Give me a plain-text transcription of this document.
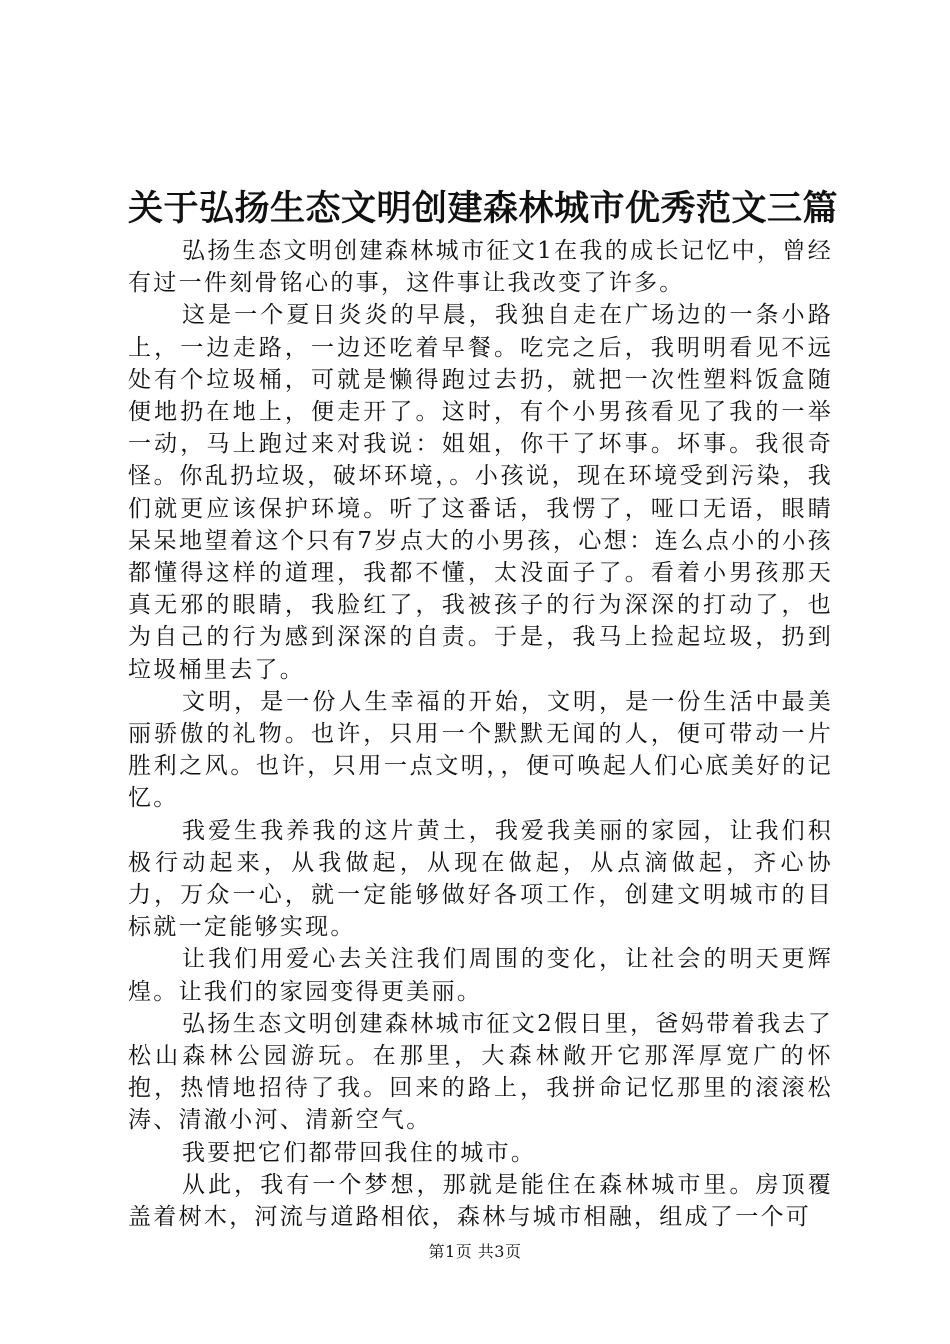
关于弘扬生态文明创建森林城市优秀范文三篇

弘扬生态文明创建森林城市征文1在我的成长记忆中，曾经有过一件刻骨铭心的事，这件事让我改变了许多。

这是一个夏日炎炎的早晨，我独自走在广场边的一条小路上，一边走路，一边还吃着早餐。吃完之后，我明明看见不远处有个垃圾桶，可就是懒得跑过去扔，就把一次性塑料饭盒随便地扔在地上，便走开了。这时，有个小男孩看见了我的一举一动，马上跑过来对我说：姐姐，你干了坏事。坏事。我很奇怪。你乱扔垃圾，破坏环境，。小孩说，现在环境受到污染，我们就更应该保护环境。听了这番话，我愣了，哑口无语，眼睛呆呆地望着这个只有7岁点大的小男孩，心想：连么点小的小孩都懂得这样的道理，我都不懂，太没面子了。看着小男孩那天真无邪的眼睛，我脸红了，我被孩子的行为深深的打动了，也为自己的行为感到深深的自责。于是，我马上捡起垃圾，扔到垃圾桶里去了。

文明，是一份人生幸福的开始，文明，是一份生活中最美丽骄傲的礼物。也许，只用一个默默无闻的人，便可带动一片胜利之风。也许，只用一点文明，，便可唤起人们心底美好的记忆。

我爱生我养我的这片黄土，我爱我美丽的家园，让我们积极行动起来，从我做起，从现在做起，从点滴做起，齐心协力，万众一心，就一定能够做好各项工作，创建文明城市的目标就一定能够实现。

让我们用爱心去关注我们周围的变化，让社会的明天更辉煌。让我们的家园变得更美丽。

弘扬生态文明创建森林城市征文2假日里，爸妈带着我去了松山森林公园游玩。在那里，大森林敞开它那浑厚宽广的怀抱，热情地招待了我。回来的路上，我拼命记忆那里的滚滚松涛、清澈小河、清新空气。

我要把它们都带回我住的城市。

从此，我有一个梦想，那就是能住在森林城市里。房顶覆盖着树木，河流与道路相依，森林与城市相融，组成了一个可

第1页 共3页
